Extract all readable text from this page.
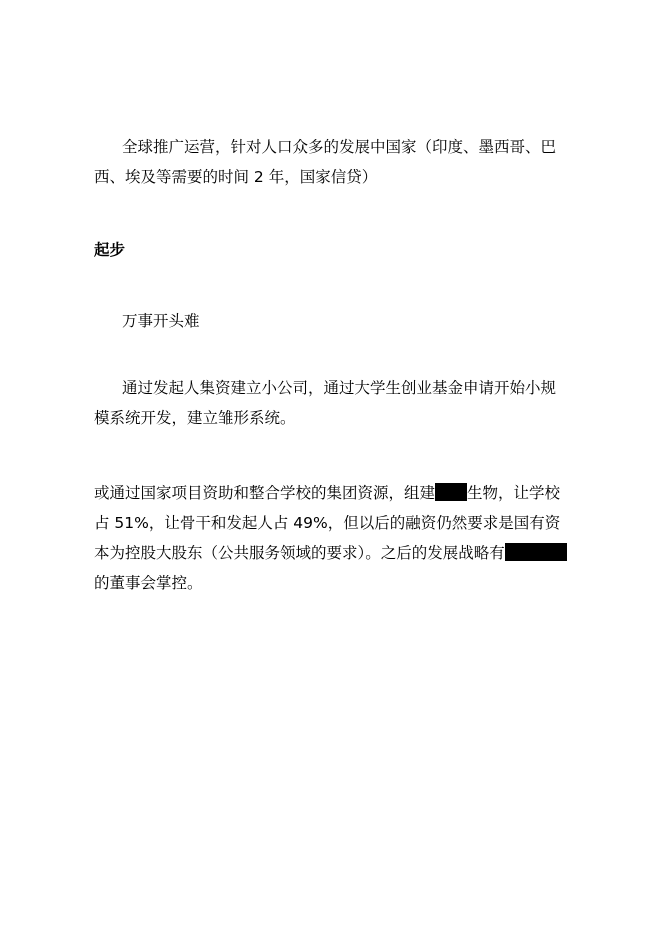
全球推广运营，针对人口众多的发展中国家（印度、墨西哥、巴西、埃及等需要的时间 2 年，国家信贷）

起步

万事开头难

通过发起人集资建立小公司，通过大学生创业基金申请开始小规模系统开发，建立雏形系统。

或通过国家项目资助和整合学校的集团资源，组建 生物，让学校占 51%，让骨干和发起人占 49%，但以后的融资仍然要求是国有资本为控股大股东（公共服务领域的要求）。之后的发展战略有的董事会掌控。
